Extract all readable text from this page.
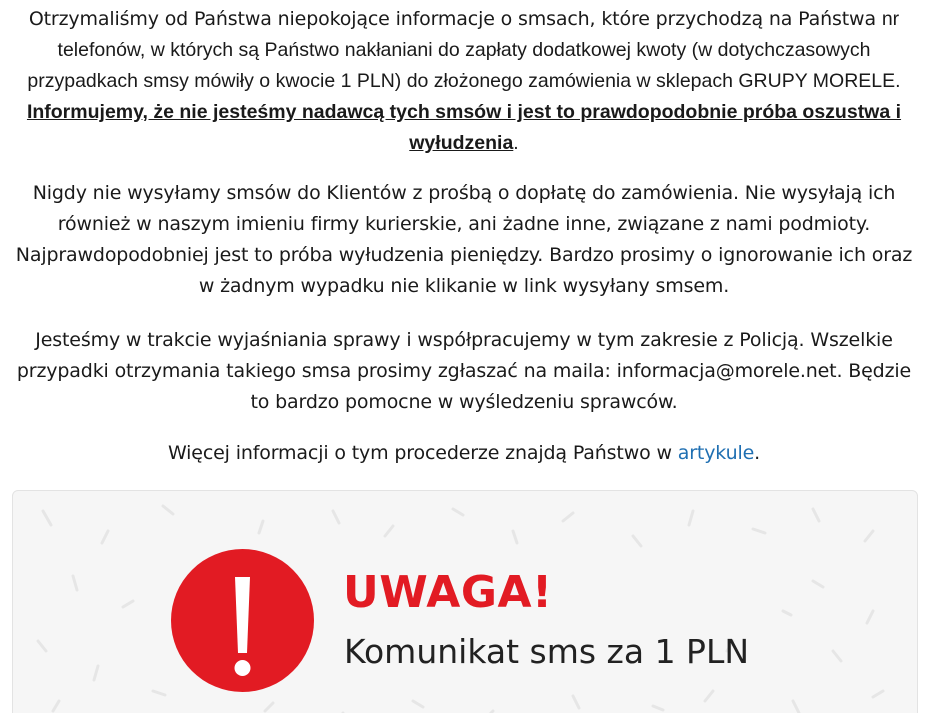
Otrzymaliśmy od Państwa niepokojące informacje o smsach, które przychodzą na Państwa nr telefonów, w których są Państwo nakłaniani do zapłaty dodatkowej kwoty (w dotychczasowych przypadkach smsy mówiły o kwocie 1 PLN) do złożonego zamówienia w sklepach GRUPY MORELE. Informujemy, że nie jesteśmy nadawcą tych smsów i jest to prawdopodobnie próba oszustwa i wyłudzenia.

Nigdy nie wysyłamy smsów do Klientów z prośbą o dopłatę do zamówienia. Nie wysyłają ich również w naszym imieniu firmy kurierskie, ani żadne inne, związane z nami podmioty. Najprawdopodobniej jest to próba wyłudzenia pieniędzy. Bardzo prosimy o ignorowanie ich oraz w żadnym wypadku nie klikanie w link wysyłany smsem.

Jesteśmy w trakcie wyjaśniania sprawy i współpracujemy w tym zakresie z Policją. Wszelkie przypadki otrzymania takiego smsa prosimy zgłaszać na maila: informacja@morele.net. Będzie to bardzo pomocne w wyśledzeniu sprawców.

Więcej informacji o tym procederze znajdą Państwo w artykule.

UWAGA!
Komunikat sms za 1 PLN
